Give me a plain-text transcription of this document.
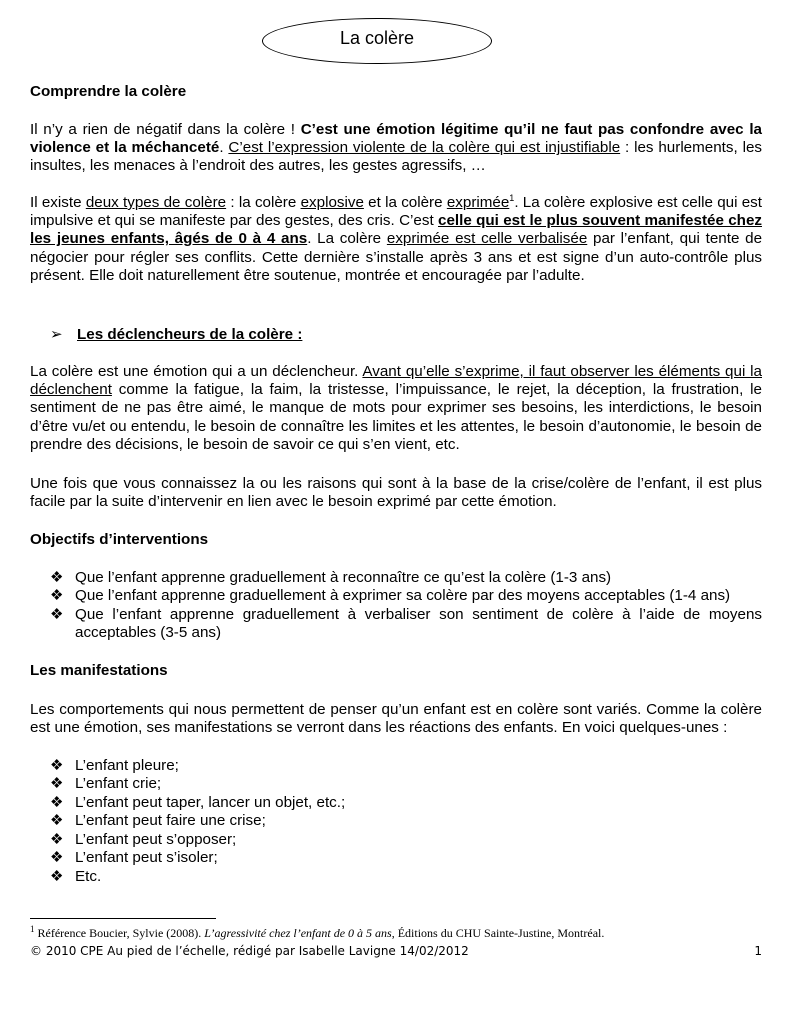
La colère
Comprendre la colère
Il n’y a rien de négatif dans la colère ! C’est une émotion légitime qu’il ne faut pas confondre avec la violence et la méchanceté. C’est l’expression violente de la colère qui est injustifiable : les hurlements, les insultes, les menaces à l’endroit des autres, les gestes agressifs, …
Il existe deux types de colère : la colère explosive et la colère exprimée$^1$. La colère explosive est celle qui est impulsive et qui se manifeste par des gestes, des cris. C’est celle qui est le plus souvent manifestée chez les jeunes enfants, âgés de 0 à 4 ans. La colère exprimée est celle verbalisée par l’enfant, qui tente de négocier pour régler ses conflits. Cette dernière s’installe après 3 ans et est signe d’un auto-contrôle plus présent. Elle doit naturellement être soutenue, montrée et encouragée par l’adulte.
➢ Les déclencheurs de la colère :
La colère est une émotion qui a un déclencheur. Avant qu’elle s’exprime, il faut observer les éléments qui la déclenchent comme la fatigue, la faim, la tristesse, l’impuissance, le rejet, la déception, la frustration, le sentiment de ne pas être aimé, le manque de mots pour exprimer ses besoins, les interdictions, le besoin d’être vu/et ou entendu, le besoin de connaître les limites et les attentes, le besoin d’autonomie, le besoin de prendre des décisions, le besoin de savoir ce qui s’en vient, etc.
Une fois que vous connaissez la ou les raisons qui sont à la base de la crise/colère de l’enfant, il est plus facile par la suite d’intervenir en lien avec le besoin exprimé par cette émotion.
Objectifs d’interventions
❖ Que l’enfant apprenne graduellement à reconnaître ce qu’est la colère (1-3 ans)
❖ Que l’enfant apprenne graduellement à exprimer sa colère par des moyens acceptables (1-4 ans)
❖ Que l’enfant apprenne graduellement à verbaliser son sentiment de colère à l’aide de moyens acceptables (3-5 ans)
Les manifestations
Les comportements qui nous permettent de penser qu’un enfant est en colère sont variés. Comme la colère est une émotion, ses manifestations se verront dans les réactions des enfants. En voici quelques-unes :
❖ L’enfant pleure;
❖ L’enfant crie;
❖ L’enfant peut taper, lancer un objet, etc.;
❖ L’enfant peut faire une crise;
❖ L’enfant peut s’opposer;
❖ L’enfant peut s’isoler;
❖ Etc.
$^1$ Référence Boucier, Sylvie (2008). L’agressivité chez l’enfant de 0 à 5 ans, Éditions du CHU Sainte-Justine, Montréal.
© 2010 CPE Au pied de l’échelle, rédigé par Isabelle Lavigne 14/02/2012	1
